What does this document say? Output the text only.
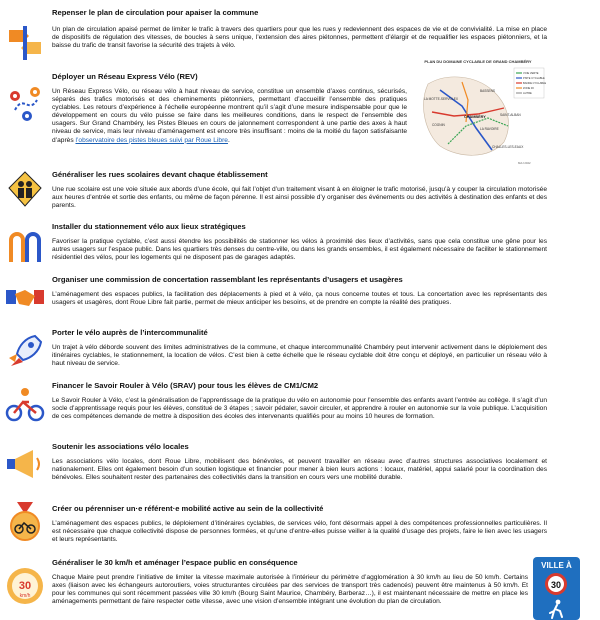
30
km/h
Repenser le plan de circulation pour apaiser la commune
Un plan de circulation apaisé permet de limiter le trafic à travers des quartiers pour que les rues y redeviennent des espaces de vie et de convivialité. La mise en place de dispositifs de régulation des vitesses, de boucles à sens unique, l’extension des aires piétonnes, permettent d’élargir et de requalifier les espaces piétonniers, et la baisse du trafic de transit favorise la sécurité des trajets à vélo.
Déployer un Réseau Express Vélo (REV)
Un Réseau Express Vélo, ou réseau vélo à haut niveau de service, constitue un ensemble d’axes continus, sécurisés, séparés des trafics motorisés et des cheminements piétonniers, permettant d’accueillir l’ensemble des pratiques cyclables. Les retours d’expérience à l’échelle européenne montrent qu’il s’agit d’une mesure indispensable pour que le développement en cours du vélo puisse se faire dans les meilleures conditions, dans le respect de l’ensemble des usagers. Sur Grand Chambéry, les Pistes Bleues en cours de jalonnement correspondent à une partie des axes à haut niveau de service, mais leur niveau d’aménagement est encore très insuffisant : moins de la moitié du façon satisfaisante d’après l’observatoire des pistes bleues suivi par Roue Libre.
PLAN DU DOMAINE CYCLABLE DE GRAND CHAMBÉRY
CHAMBÉRY
LA MOTTE-SERVOLEX
BASSENS
LA RAVOIRE
CHALLES-LES-EAUX
SAINT-ALBAN
COGNIN
VOIE VERTE
PISTE CYCLABLE
BANDE CYCLABLE
ZONE 30
AUTRE
MAJ 2022
Généraliser les rues scolaires devant chaque établissement
Une rue scolaire est une voie située aux abords d’une école, qui fait l’objet d’un traitement visant à en éloigner le trafic motorisé, jusqu’à y couper la circulation motorisée aux heures d’entrée et sortie des enfants, ou même de façon pérenne. Il est ainsi possible d’y organiser des événements ou des activités à destination des enfants et des parents.
Installer du stationnement vélo aux lieux stratégiques
Favoriser la pratique cyclable, c’est aussi étendre les possibilités de stationner les vélos à proximité des lieux d’activités, sans que cela constitue une gêne pour les autres usagers sur l’espace public. Dans les quartiers très denses du centre-ville, ou dans les grands ensembles, il est également nécessaire de faciliter le stationnement résidentiel des vélos, pour les logements qui ne disposent pas de garages adaptés.
Organiser une commission de concertation rassemblant les représentants d’usagers et usagères
L’aménagement des espaces publics, la facilitation des déplacements à pied et à vélo, ça nous concerne toutes et tous. La concertation avec les représentants des usagers et usagères, dont Roue Libre fait partie, permet de mieux anticiper les besoins, et de prendre en compte la réalité des pratiques.
Porter le vélo auprès de l’intercommunalité
Un trajet à vélo déborde souvent des limites administratives de la commune, et chaque intercommunalité Chambéry peut intervenir activement dans le déploiement des itinéraires cyclables, le stationnement, la location de vélos. C’est bien à cette échelle que le réseau cyclable doit être conçu et déployé, en particulier un réseau vélo à haut niveau de service.
Financer le Savoir Rouler à Vélo (SRAV) pour tous les élèves de CM1/CM2
Le Savoir Rouler à Vélo, c’est la généralisation de l’apprentissage de la pratique du vélo en autonomie pour l’ensemble des enfants avant l’entrée au collège. Il s’agit d’un socle d’apprentissage requis pour les élèves, constitué de 3 étapes ; savoir pédaler, savoir circuler, et apprendre à rouler en autonomie sur la voie publique. L’acquisition de ces compétences demande de mettre à disposition des écoles des intervenants qualifiés pour au moins 10 heures de formation.
Soutenir les associations vélo locales
Les associations vélo locales, dont Roue Libre, mobilisent des bénévoles, et peuvent travailler en réseau avec d’autres structures associatives localement et nationalement. Elles ont également besoin d’un soutien logistique et financier pour mener à bien leurs actions : locaux, matériel, appui salarié pour la coordination des bénévoles. Elles souhaitent rester des partenaires des collectivités dans la transition en cours vers une mobilité durable.
Créer ou pérenniser un·e référent·e mobilité active au sein de la collectivité
L’aménagement des espaces publics, le déploiement d’itinéraires cyclables, de services vélo, font désormais appel à des compétences professionnelles particulières. Il est nécessaire que chaque collectivité dispose de personnes formées, et qu’une d’entre-elles puisse veiller à la qualité d’usage des projets, faire le lien avec les usagers et leurs représentants.
Généraliser le 30 km/h et aménager l’espace public en conséquence
Chaque Maire peut prendre l’initiative de limiter la vitesse maximale autorisée à l’intérieur du périmètre d’agglomération à 30 km/h au lieu de 50 km/h. Certains axes (liaison avec les échangeurs autoroutiers, voies structurantes circulées par des services de transport très cadencés) peuvent être maintenus à 50 km/h. Et pour les communes qui sont récemment passées ville 30 km/h (Bourg Saint Maurice, Chambéry, Barberaz…), il est maintenant nécessaire de mettre en place les aménagements permettant de faire respecter cette vitesse, avec une vision d’ensemble intégrant une évolution du plan de circulation.
VILLE À
30
